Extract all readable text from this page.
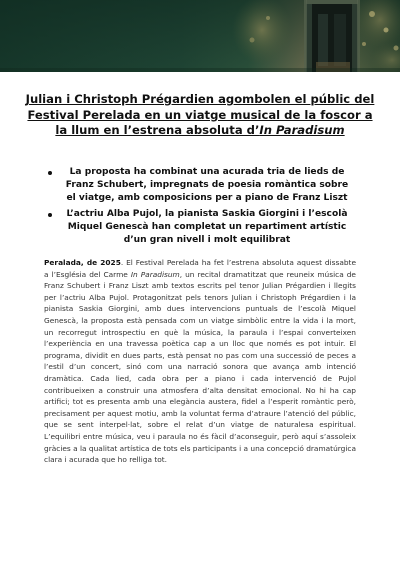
Julian i Christoph Prégardien agombolen el públic del Festival Perelada en un viatge musical de la foscor a la llum en l’estrena absoluta d’In Paradisum
La proposta ha combinat una acurada tria de lieds de Franz Schubert, impregnats de poesia romàntica sobre el viatge, amb composicions per a piano de Franz Liszt
L’actriu Alba Pujol, la pianista Saskia Giorgini i l’escolà Miquel Genescà han completat un repartiment artístic d’un gran nivell i molt equilibrat

Peralada, de 2025. El Festival Perelada ha fet l’estrena absoluta aquest dissabte a l’Església del Carme In Paradisum, un recital dramatitzat que reuneix música de Franz Schubert i Franz Liszt amb textos escrits pel tenor Julian Prégardien i llegits per l’actriu Alba Pujol. Protagonitzat pels tenors Julian i Christoph Prégardien i la pianista Saskia Giorgini, amb dues intervencions puntuals de l’escolà Miquel Genescà, la proposta està pensada com un viatge simbòlic entre la vida i la mort, un recorregut introspectiu en què la música, la paraula i l’espai converteixen l’experiència en una travessa poètica cap a un lloc que només es pot intuir. El programa, dividit en dues parts, està pensat no pas com una successió de peces a l’estil d’un concert, sinó com una narració sonora que avança amb intenció dramàtica. Cada lied, cada obra per a piano i cada intervenció de Pujol contribueixen a construir una atmosfera d’alta densitat emocional. No hi ha cap artifici; tot es presenta amb una elegància austera, fidel a l’esperit romàntic però, precisament per aquest motiu, amb la voluntat ferma d’atraure l’atenció del públic, que se sent interpel·lat, sobre el relat d’un viatge de naturalesa espiritual. L’equilibri entre música, veu i paraula no és fàcil d’aconseguir, però aquí s’assoleix gràcies a la qualitat artística de tots els participants i a una concepció dramatúrgica clara i acurada que ho relliga tot.
